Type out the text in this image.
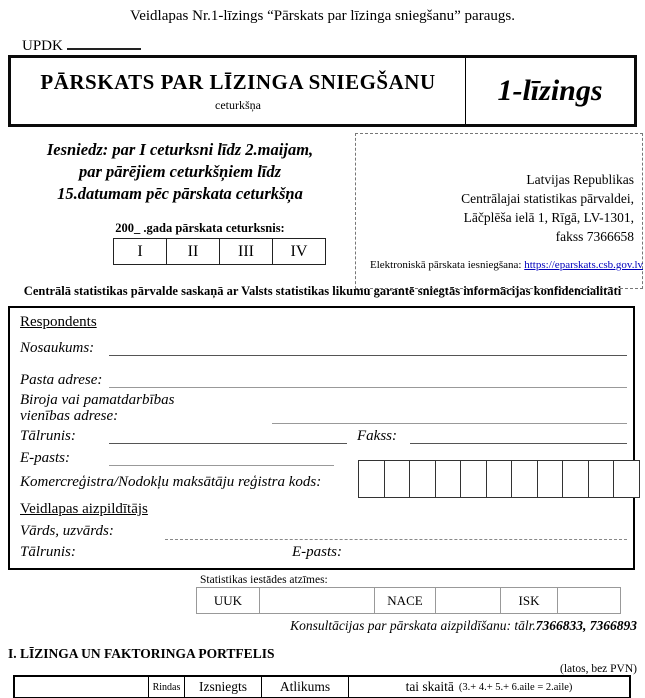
Veidlapas Nr.1-līzings “Pārskats par līzinga sniegšanu” paraugs.
UPDK
PĀRSKATS PAR LĪZINGA SNIEGŠANU
ceturkšņa	1-līzings
Iesniedz: par I ceturksni līdz 2.maijam,
par pārējiem ceturkšņiem līdz
15.datumam pēc pārskata ceturkšņa
200_ .gada pārskata ceturksnis:
I	II	III	IV
Latvijas Republikas
Centrālajai statistikas pārvaldei,
Lāčplēša ielā 1, Rīgā, LV-1301,
fakss 7366658
Elektroniskā pārskata iesniegšana: https://eparskats.csb.gov.lv
Centrālā statistikas pārvalde saskaņā ar Valsts statistikas likumu garantē sniegtās informācijas konfidencialitāti
Respondents
Nosaukums:
Pasta adrese:
Biroja vai pamatdarbības
vienības adrese:
Tālrunis:	Fakss:
E-pasts:
Komercreģistra/Nodokļu maksātāju reģistra kods:
Veidlapas aizpildītājs
Vārds, uzvārds:
Tālrunis:	E-pasts:
Statistikas iestādes atzīmes:
UUK	NACE	ISK
Konsultācijas par pārskata aizpildīšanu: tālr.7366833, 7366893
I. LĪZINGA UN FAKTORINGA PORTFELIS
(latos, bez PVN)
Rindas	Izsniegts	Atlikums	tai skaitā (3.+ 4.+ 5.+ 6.aile = 2.aile)
